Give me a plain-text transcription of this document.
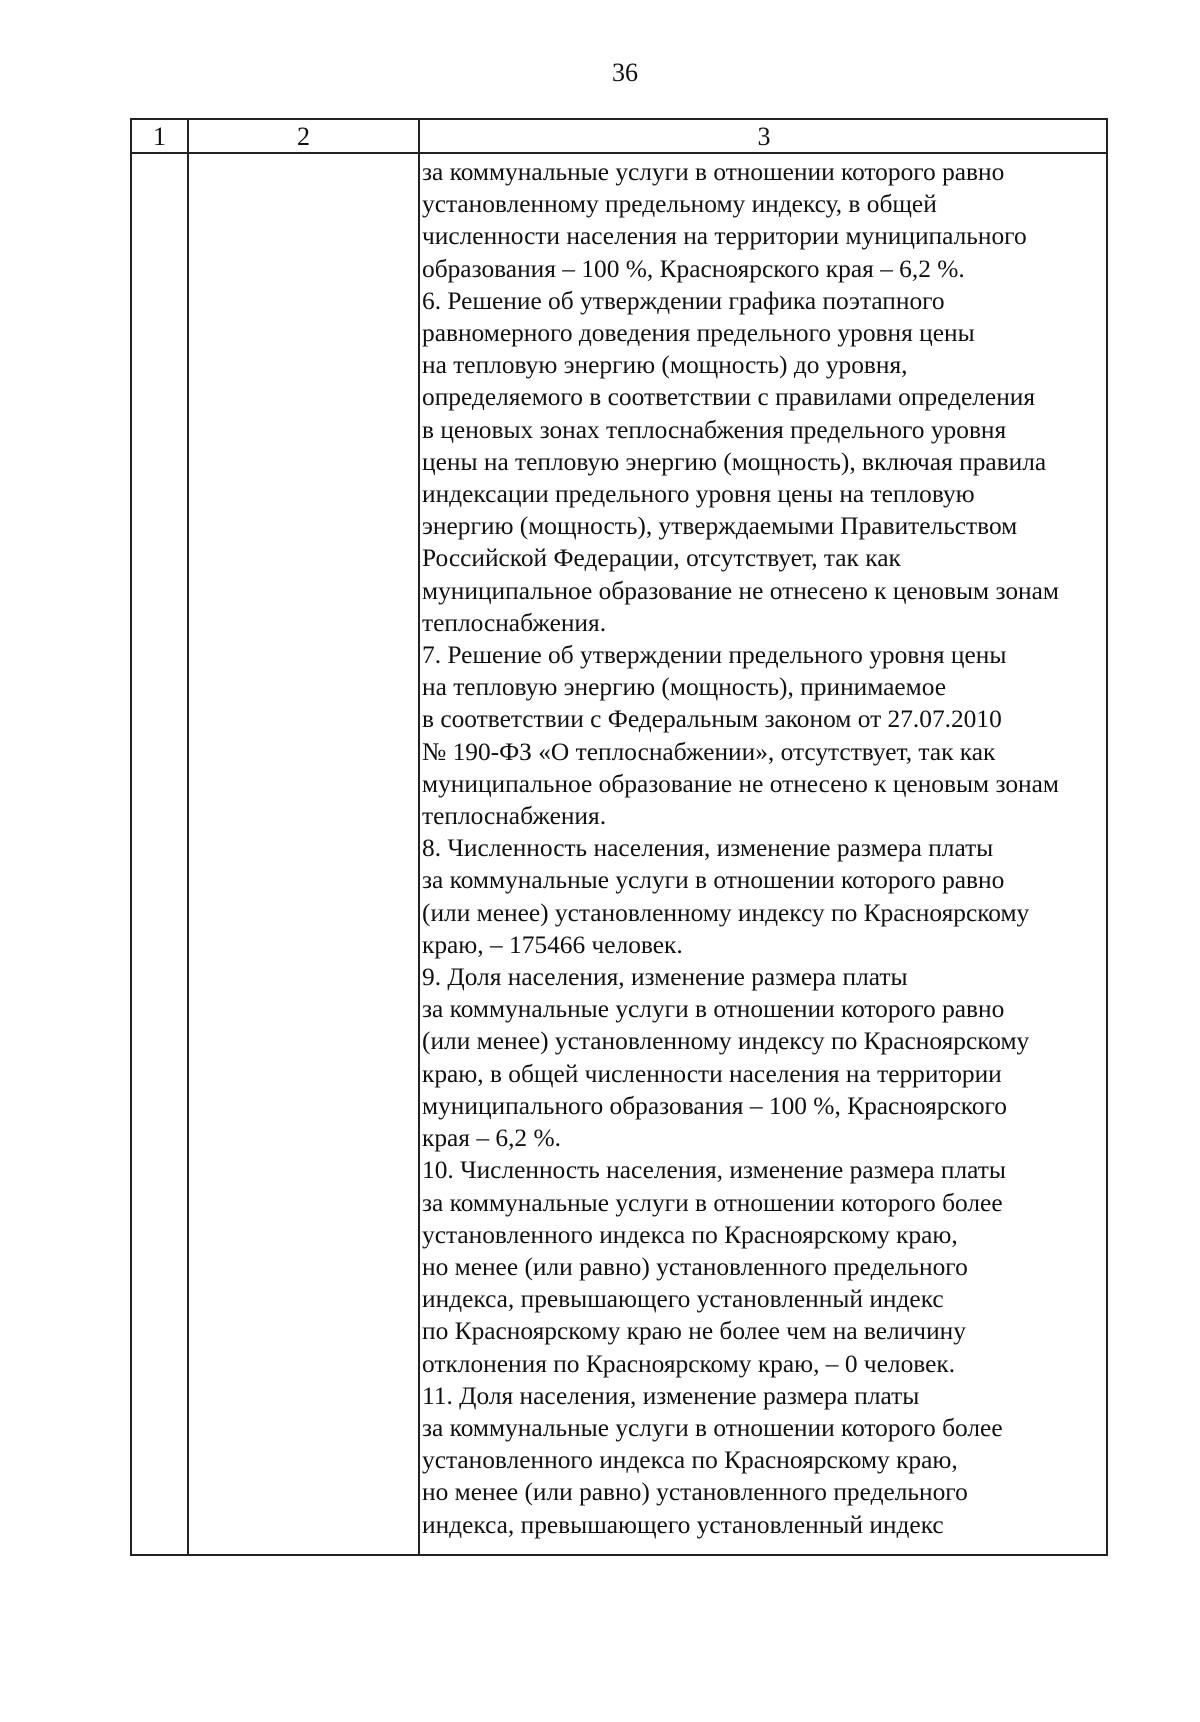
36
1	2	3
за коммунальные услуги в отношении которого равно
установленному предельному индексу, в общей
численности населения на территории муниципального
образования – 100 %, Красноярского края – 6,2 %.
6. Решение об утверждении графика поэтапного
равномерного доведения предельного уровня цены
на тепловую энергию (мощность) до уровня,
определяемого в соответствии с правилами определения
в ценовых зонах теплоснабжения предельного уровня
цены на тепловую энергию (мощность), включая правила
индексации предельного уровня цены на тепловую
энергию (мощность), утверждаемыми Правительством
Российской Федерации, отсутствует, так как
муниципальное образование не отнесено к ценовым зонам
теплоснабжения.
7. Решение об утверждении предельного уровня цены
на тепловую энергию (мощность), принимаемое
в соответствии с Федеральным законом от 27.07.2010
№ 190-ФЗ «О теплоснабжении», отсутствует, так как
муниципальное образование не отнесено к ценовым зонам
теплоснабжения.
8. Численность населения, изменение размера платы
за коммунальные услуги в отношении которого равно
(или менее) установленному индексу по Красноярскому
краю, – 175466 человек.
9. Доля населения, изменение размера платы
за коммунальные услуги в отношении которого равно
(или менее) установленному индексу по Красноярскому
краю, в общей численности населения на территории
муниципального образования – 100 %, Красноярского
края – 6,2 %.
10. Численность населения, изменение размера платы
за коммунальные услуги в отношении которого более
установленного индекса по Красноярскому краю,
но менее (или равно) установленного предельного
индекса, превышающего установленный индекс
по Красноярскому краю не более чем на величину
отклонения по Красноярскому краю, – 0 человек.
11. Доля населения, изменение размера платы
за коммунальные услуги в отношении которого более
установленного индекса по Красноярскому краю,
но менее (или равно) установленного предельного
индекса, превышающего установленный индекс
